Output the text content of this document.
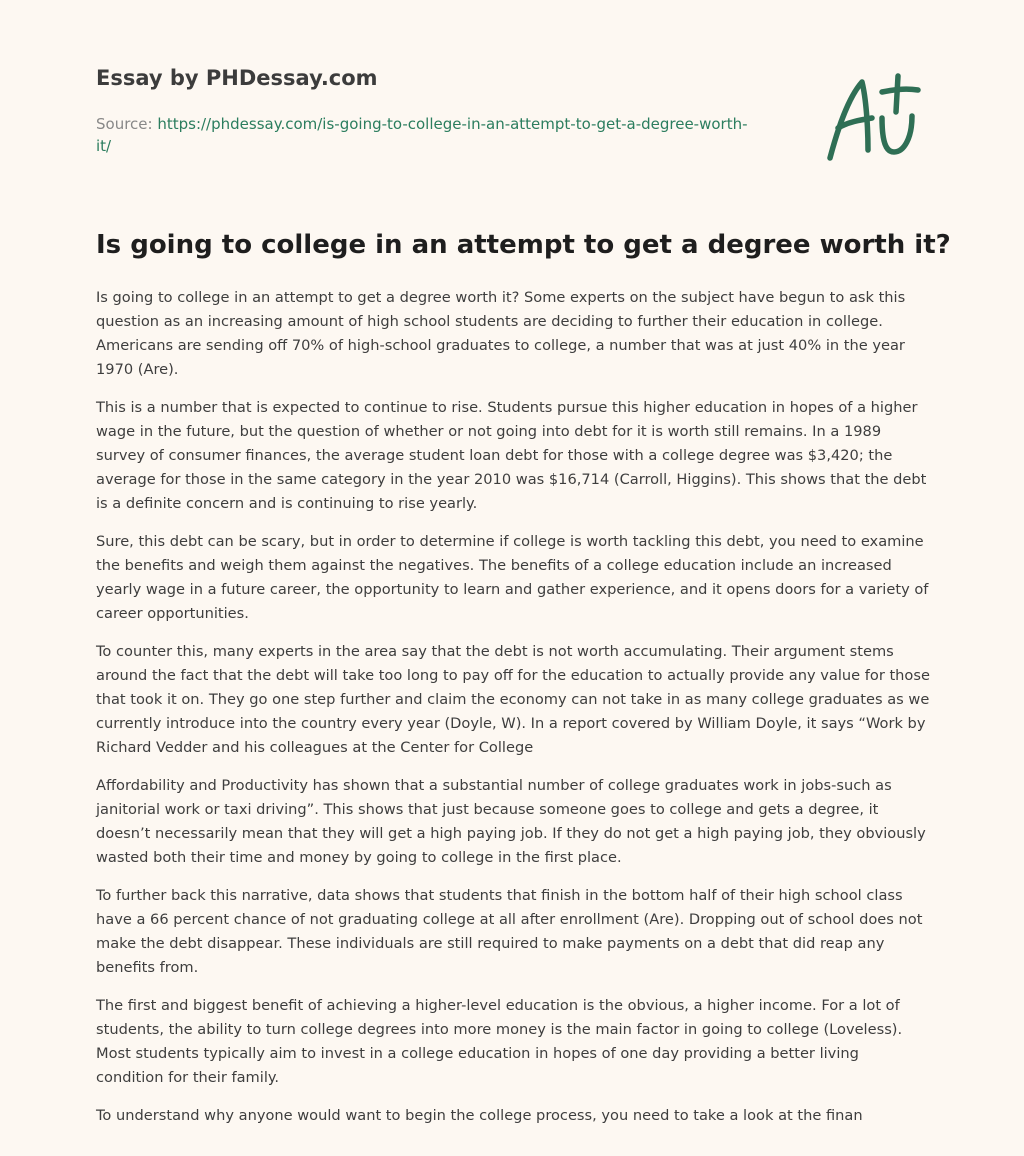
Essay by PHDessay.com

Source: https://phdessay.com/is-going-to-college-in-an-attempt-to-get-a-degree-worth-it/

Is going to college in an attempt to get a degree worth it?

Is going to college in an attempt to get a degree worth it? Some experts on the subject have begun to ask this question as an increasing amount of high school students are deciding to further their education in college. Americans are sending off 70% of high-school graduates to college, a number that was at just 40% in the year 1970 (Are).

This is a number that is expected to continue to rise. Students pursue this higher education in hopes of a higher wage in the future, but the question of whether or not going into debt for it is worth still remains. In a 1989 survey of consumer finances, the average student loan debt for those with a college degree was $3,420; the average for those in the same category in the year 2010 was $16,714 (Carroll, Higgins). This shows that the debt is a definite concern and is continuing to rise yearly.

Sure, this debt can be scary, but in order to determine if college is worth tackling this debt, you need to examine the benefits and weigh them against the negatives. The benefits of a college education include an increased yearly wage in a future career, the opportunity to learn and gather experience, and it opens doors for a variety of career opportunities.

To counter this, many experts in the area say that the debt is not worth accumulating. Their argument stems around the fact that the debt will take too long to pay off for the education to actually provide any value for those that took it on. They go one step further and claim the economy can not take in as many college graduates as we currently introduce into the country every year (Doyle, W). In a report covered by William Doyle, it says “Work by Richard Vedder and his colleagues at the Center for College

Affordability and Productivity has shown that a substantial number of college graduates work in jobs-such as janitorial work or taxi driving”. This shows that just because someone goes to college and gets a degree, it doesn’t necessarily mean that they will get a high paying job. If they do not get a high paying job, they obviously wasted both their time and money by going to college in the first place.

To further back this narrative, data shows that students that finish in the bottom half of their high school class have a 66 percent chance of not graduating college at all after enrollment (Are). Dropping out of school does not make the debt disappear. These individuals are still required to make payments on a debt that did reap any benefits from.

The first and biggest benefit of achieving a higher-level education is the obvious, a higher income. For a lot of students, the ability to turn college degrees into more money is the main factor in going to college (Loveless). Most students typically aim to invest in a college education in hopes of one day providing a better living condition for their family.

To understand why anyone would want to begin the college process, you need to take a look at the finan
